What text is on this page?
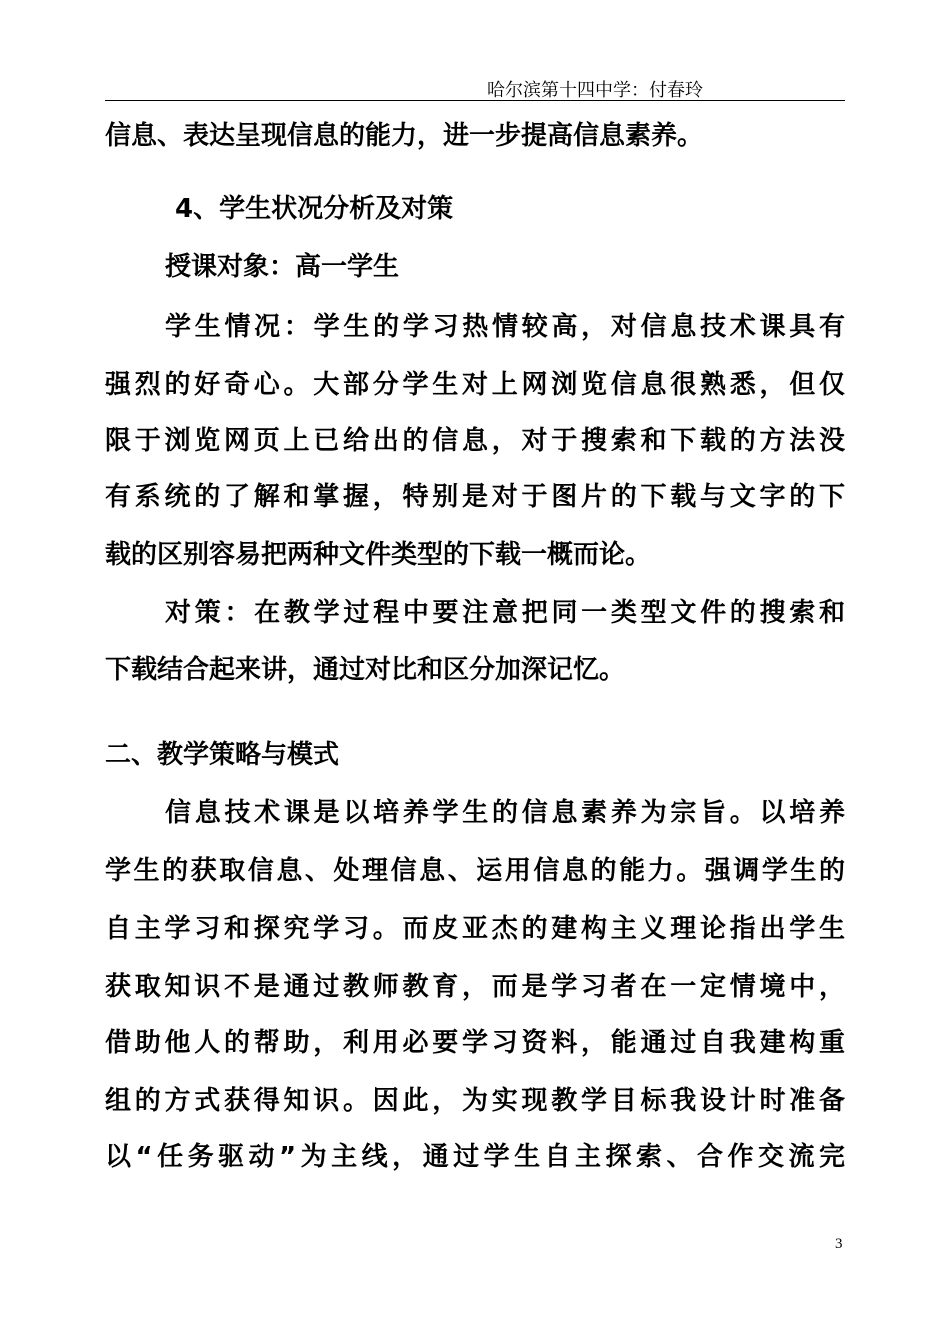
哈尔滨第十四中学：付春玲
信息、表达呈现信息的能力，进一步提高信息素养。
4、学生状况分析及对策
授课对象：高一学生
学生情况：学生的学习热情较高，对信息技术课具有
强烈的好奇心。大部分学生对上网浏览信息很熟悉，但仅
限于浏览网页上已给出的信息，对于搜索和下载的方法没
有系统的了解和掌握，特别是对于图片的下载与文字的下
载的区别容易把两种文件类型的下载一概而论。
对策：在教学过程中要注意把同一类型文件的搜索和
下载结合起来讲，通过对比和区分加深记忆。
二、教学策略与模式
信息技术课是以培养学生的信息素养为宗旨。以培养
学生的获取信息、处理信息、运用信息的能力。强调学生的
自主学习和探究学习。而皮亚杰的建构主义理论指出学生
获取知识不是通过教师教育，而是学习者在一定情境中，
借助他人的帮助，利用必要学习资料，能通过自我建构重
组的方式获得知识。因此，为实现教学目标我设计时准备
以“任务驱动”为主线，通过学生自主探索、合作交流完
3
